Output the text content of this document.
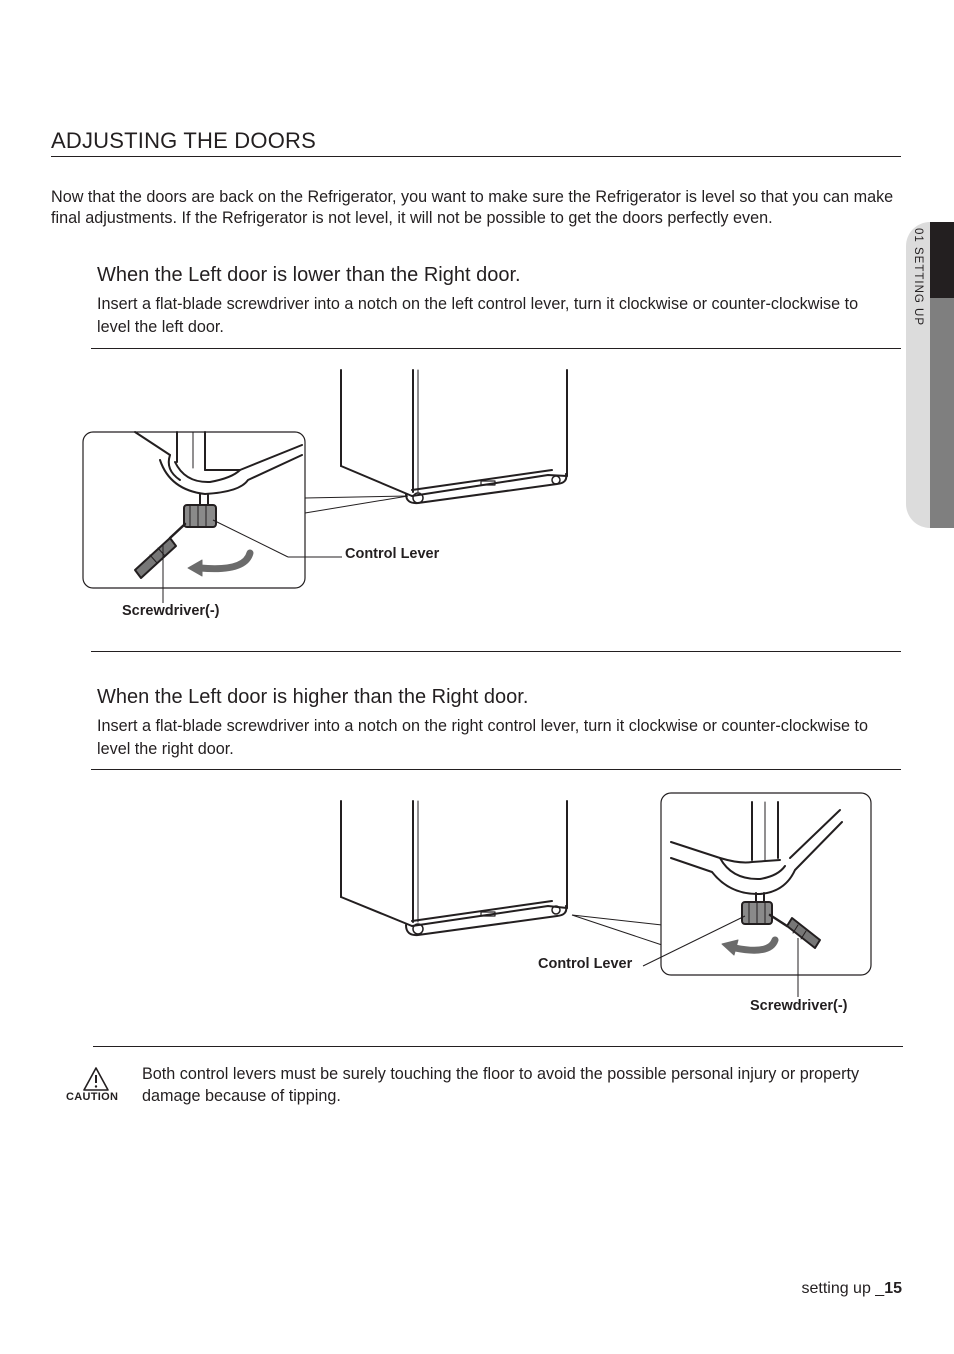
01 SETTING UP
ADJUSTING THE DOORS

Now that the doors are back on the Refrigerator, you want to make sure the Refrigerator is level so that you can make final adjustments. If the Refrigerator is not level, it will not be possible to get the doors perfectly even.

When the Left door is lower than the Right door.

Insert a flat-blade screwdriver into a notch on the left control lever, turn it clockwise or counter-clockwise to level the left door.

Control Lever
Screwdriver(-)
When the Left door is higher than the Right door.

Insert a flat-blade screwdriver into a notch on the right control lever, turn it clockwise or counter-clockwise to level the right door.

Control Lever
Screwdriver(-)
CAUTION

Both control levers must be surely touching the floor to avoid the possible personal injury or property damage because of tipping.

setting up _15
